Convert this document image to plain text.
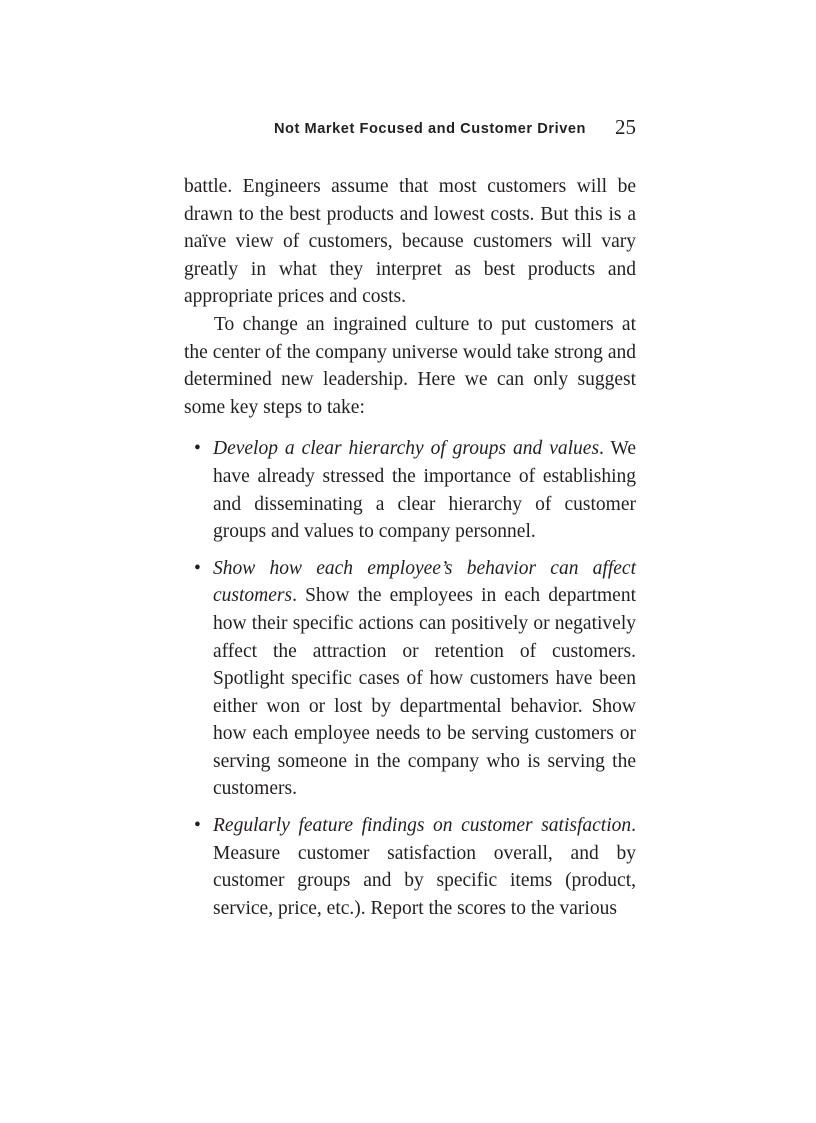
Not Market Focused and Customer Driven 25

battle. Engineers assume that most customers will be drawn to the best products and lowest costs. But this is a naïve view of customers, because customers will vary greatly in what they interpret as best products and appropriate prices and costs.

To change an ingrained culture to put customers at the center of the company universe would take strong and determined new leadership. Here we can only suggest some key steps to take:

• Develop a clear hierarchy of groups and values. We have already stressed the importance of establishing and disseminating a clear hierarchy of customer groups and values to company personnel.
• Show how each employee’s behavior can affect customers. Show the employees in each department how their specific actions can positively or negatively affect the attraction or retention of customers. Spotlight specific cases of how customers have been either won or lost by departmental behavior. Show how each employee needs to be serving customers or serving someone in the company who is serving the customers.
• Regularly feature findings on customer satisfaction. Measure customer satisfaction overall, and by customer groups and by specific items (product, service, price, etc.). Report the scores to the various
